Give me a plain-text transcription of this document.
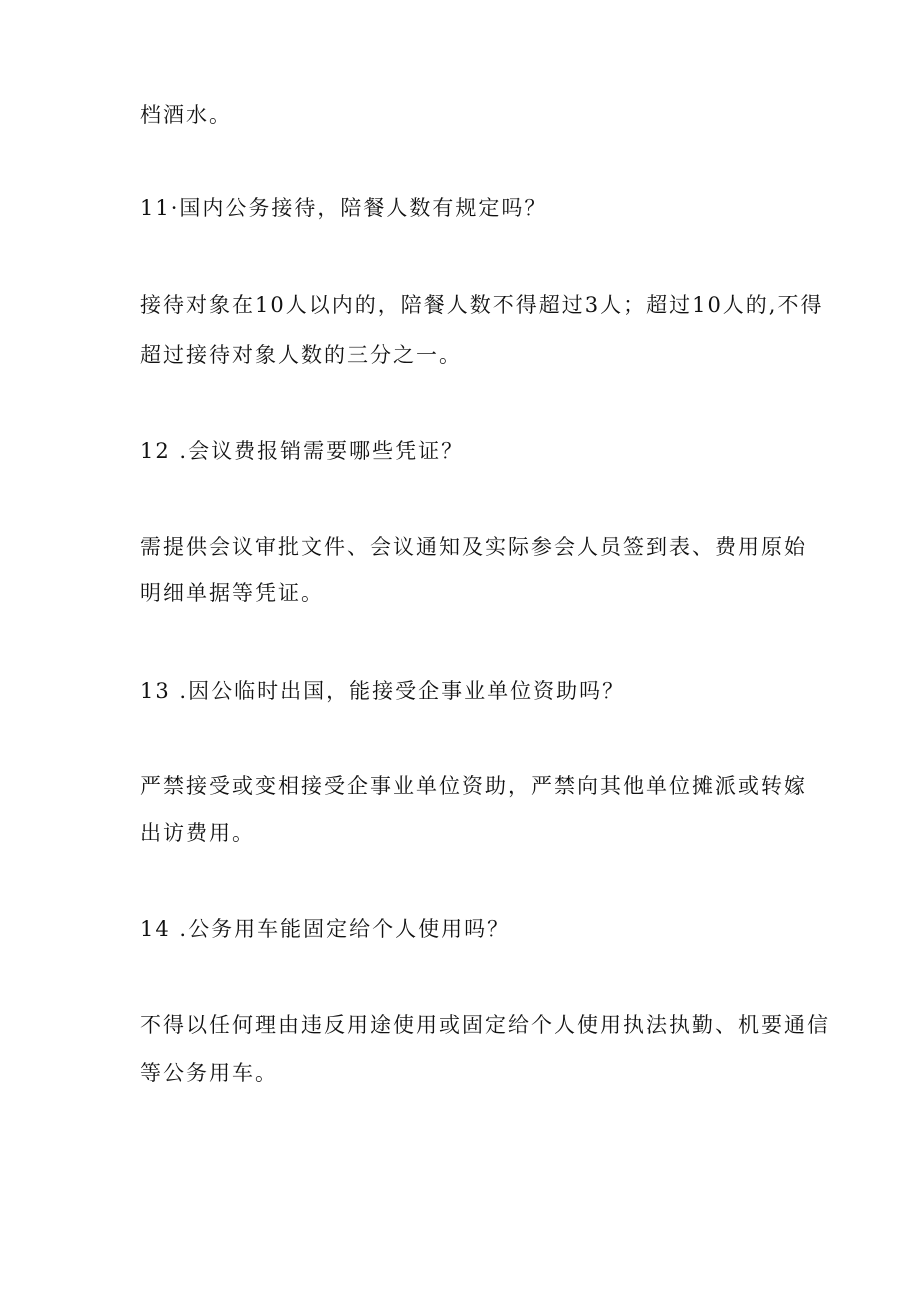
档酒水。

11·国内公务接待，陪餐人数有规定吗？

接待对象在10人以内的，陪餐人数不得超过3人；超过10人的,不得

超过接待对象人数的三分之一。

12 .会议费报销需要哪些凭证？

需提供会议审批文件、会议通知及实际参会人员签到表、费用原始

明细单据等凭证。

13 .因公临时出国，能接受企事业单位资助吗？

严禁接受或变相接受企事业单位资助，严禁向其他单位摊派或转嫁

出访费用。

14 .公务用车能固定给个人使用吗？

不得以任何理由违反用途使用或固定给个人使用执法执勤、机要通信

等公务用车。
